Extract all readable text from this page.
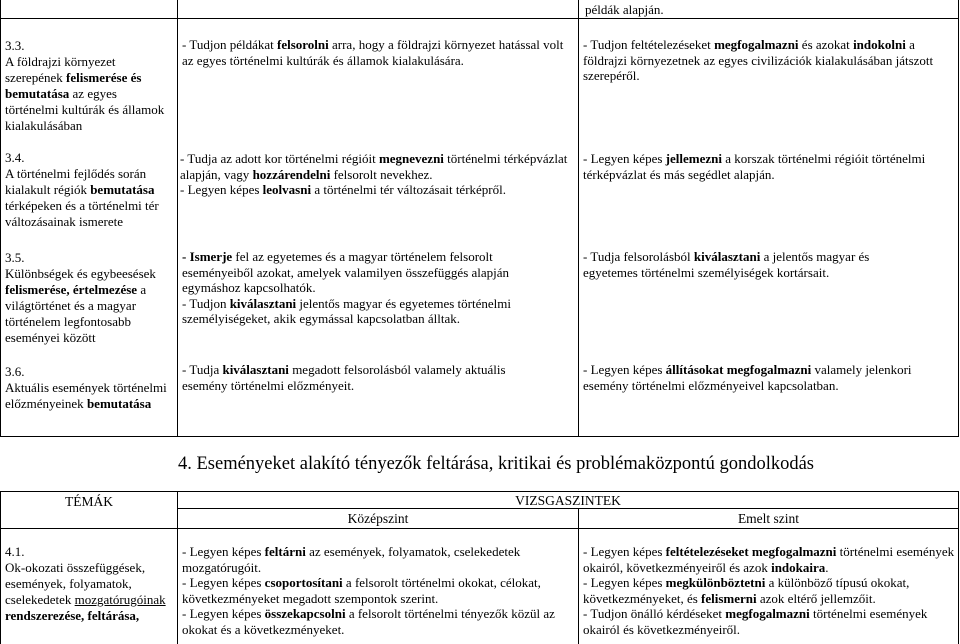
példák alapján.
3.3.
A földrajzi környezet szerepének felismerése és bemutatása az egyes történelmi kultúrák és államok kialakulásában
- Tudjon példákat felsorolni arra, hogy a földrajzi környezet hatással volt az egyes történelmi kultúrák és államok kialakulására.
- Tudjon feltételezéseket megfogalmazni és azokat indokolni a földrajzi környezetnek az egyes civilizációk kialakulásában játszott szerepéről.
3.4.
A történelmi fejlődés során kialakult régiók bemutatása térképeken és a történelmi tér változásainak ismerete
- Tudja az adott kor történelmi régióit megnevezni történelmi térképvázlat alapján, vagy hozzárendelni felsorolt nevekhez.
- Legyen képes leolvasni a történelmi tér változásait térképről.
- Legyen képes jellemezni a korszak történelmi régióit történelmi térképvázlat és más segédlet alapján.
3.5.
Különbségek és egybeesések felismerése, értelmezése a világtörténet és a magyar történelem legfontosabb eseményei között
- Ismerje fel az egyetemes és a magyar történelem felsorolt eseményeiből azokat, amelyek valamilyen összefüggés alapján egymáshoz kapcsolhatók.
- Tudjon kiválasztani jelentős magyar és egyetemes történelmi személyiségeket, akik egymással kapcsolatban álltak.
- Tudja felsorolásból kiválasztani a jelentős magyar és egyetemes történelmi személyiségek kortársait.
3.6.
Aktuális események történelmi előzményeinek bemutatása
- Tudja kiválasztani megadott felsorolásból valamely aktuális esemény történelmi előzményeit.
- Legyen képes állításokat megfogalmazni valamely jelenkori esemény történelmi előzményeivel kapcsolatban.
4. Eseményeket alakító tényezők feltárása, kritikai és problémaközpontú gondolkodás
TÉMÁK	VIZSGASZINTEK
Középszint	Emelt szint
4.1.
Ok-okozati összefüggések, események, folyamatok, cselekedetek mozgatórugóinak rendszerezése, feltárása,
- Legyen képes feltárni az események, folyamatok, cselekedetek mozgatórugóit.
- Legyen képes csoportosítani a felsorolt történelmi okokat, célokat, következményeket megadott szempontok szerint.
- Legyen képes összekapcsolni a felsorolt történelmi tényezők közül az okokat és a következményeket.
- Legyen képes feltételezéseket megfogalmazni történelmi események okairól, következményeiről és azok indokaira.
- Legyen képes megkülönböztetni a különböző típusú okokat, következményeket, és felismerni azok eltérő jellemzőit.
- Tudjon önálló kérdéseket megfogalmazni történelmi események okairól és következményeiről.
